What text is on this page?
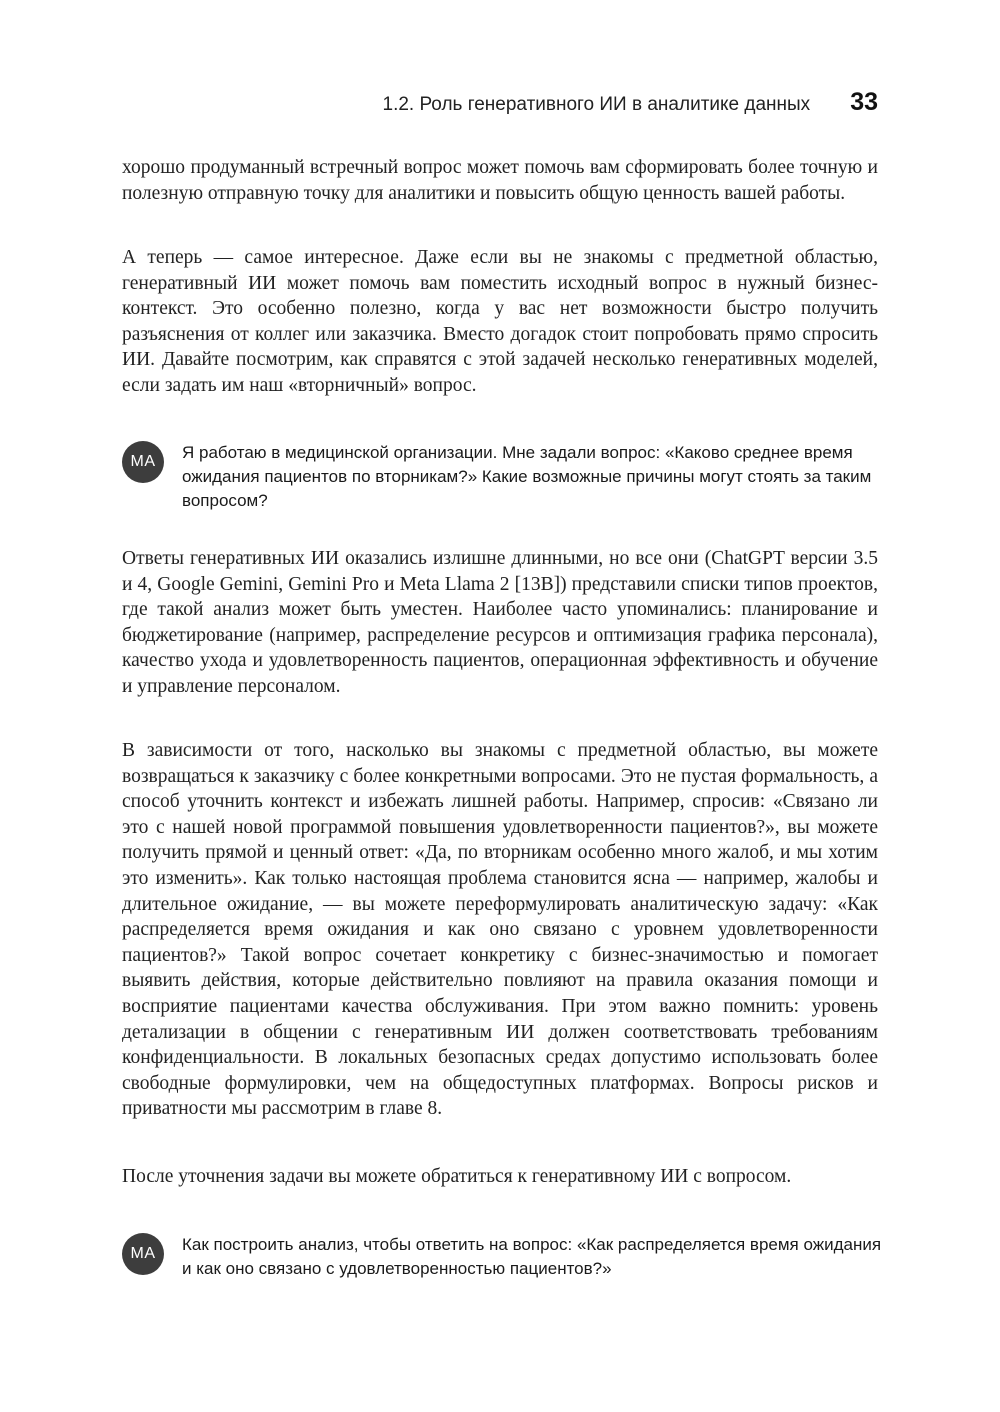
1.2. Роль генеративного ИИ в аналитике данных 33

хорошо продуманный встречный вопрос может помочь вам сформировать более точную и полезную отправную точку для аналитики и повысить общую ценность вашей работы.

А теперь — самое интересное. Даже если вы не знакомы с предметной областью, генеративный ИИ может помочь вам поместить исходный вопрос в нужный бизнес-контекст. Это особенно полезно, когда у вас нет возможности быстро получить разъяснения от коллег или заказчика. Вместо догадок стоит попробовать прямо спросить ИИ. Давайте посмотрим, как справятся с этой задачей несколько генеративных моделей, если задать им наш «вторничный» вопрос.

MA	Я работаю в медицинской организации. Мне задали вопрос: «Каково среднее время ожидания пациентов по вторникам?» Какие возможные причины могут стоять за таким вопросом?

Ответы генеративных ИИ оказались излишне длинными, но все они (ChatGPT версии 3.5 и 4, Google Gemini, Gemini Pro и Meta Llama 2 [13B]) представили списки типов проектов, где такой анализ может быть уместен. Наиболее часто упоминались: планирование и бюджетирование (например, распределение ресурсов и оптимизация графика персонала), качество ухода и удовлетворенность пациентов, операционная эффективность и обучение и управление персоналом.

В зависимости от того, насколько вы знакомы с предметной областью, вы можете возвращаться к заказчику с более конкретными вопросами. Это не пустая формальность, а способ уточнить контекст и избежать лишней работы. Например, спросив: «Связано ли это с нашей новой программой повышения удовлетворенности пациентов?», вы можете получить прямой и ценный ответ: «Да, по вторникам особенно много жалоб, и мы хотим это изменить». Как только настоящая проблема становится ясна — например, жалобы и длительное ожидание, — вы можете переформулировать аналитическую задачу: «Как распределяется время ожидания и как оно связано с уровнем удовлетворенности пациентов?» Такой вопрос сочетает конкретику с бизнес-значимостью и помогает выявить действия, которые действительно повлияют на правила оказания помощи и восприятие пациентами качества обслуживания. При этом важно помнить: уровень детализации в общении с генеративным ИИ должен соответствовать требованиям конфиденциальности. В локальных безопасных средах допустимо использовать более свободные формулировки, чем на общедоступных платформах. Вопросы рисков и приватности мы рассмотрим в главе 8.

После уточнения задачи вы можете обратиться к генеративному ИИ с вопросом.

MA	Как построить анализ, чтобы ответить на вопрос: «Как распределяется время ожидания и как оно связано с удовлетворенностью пациентов?»
